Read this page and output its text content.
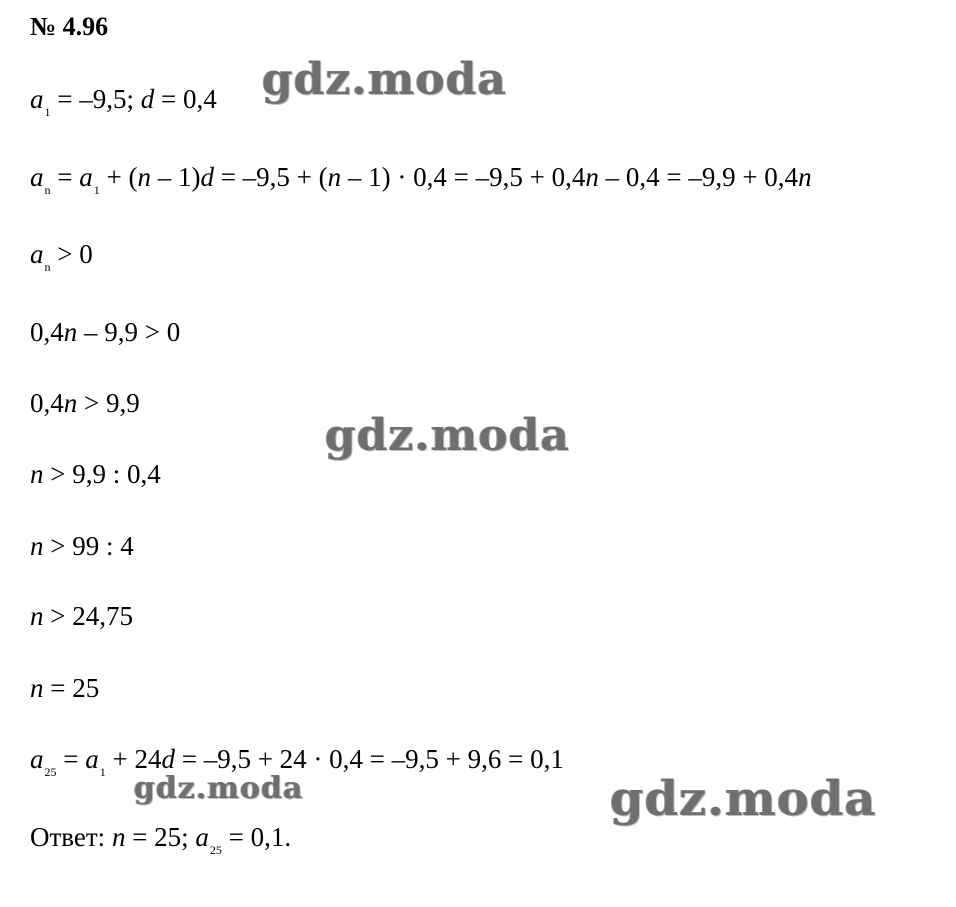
№ 4.96
$a_1 = -9,5$; d = 0,4
$a_n = a_1 + (n - 1)d = -9,5 + (n - 1) \cdot 0,4 = -9,5 + 0,4n - 0,4 = -9,9 + 0,4n$
$a_n > 0$
0,4n – 9,9 > 0
0,4n > 9,9
n > 9,9 : 0,4
n > 99 : 4
n > 24,75
n = 25
$a_{25} = a_1 + 24d = -9,5 + 24 \cdot 0,4 = -9,5 + 9,6 = 0,1$
Ответ: n = 25; $a_{25} = 0,1$.
gdz.moda
gdz.moda
gdz.moda	gdz.moda
